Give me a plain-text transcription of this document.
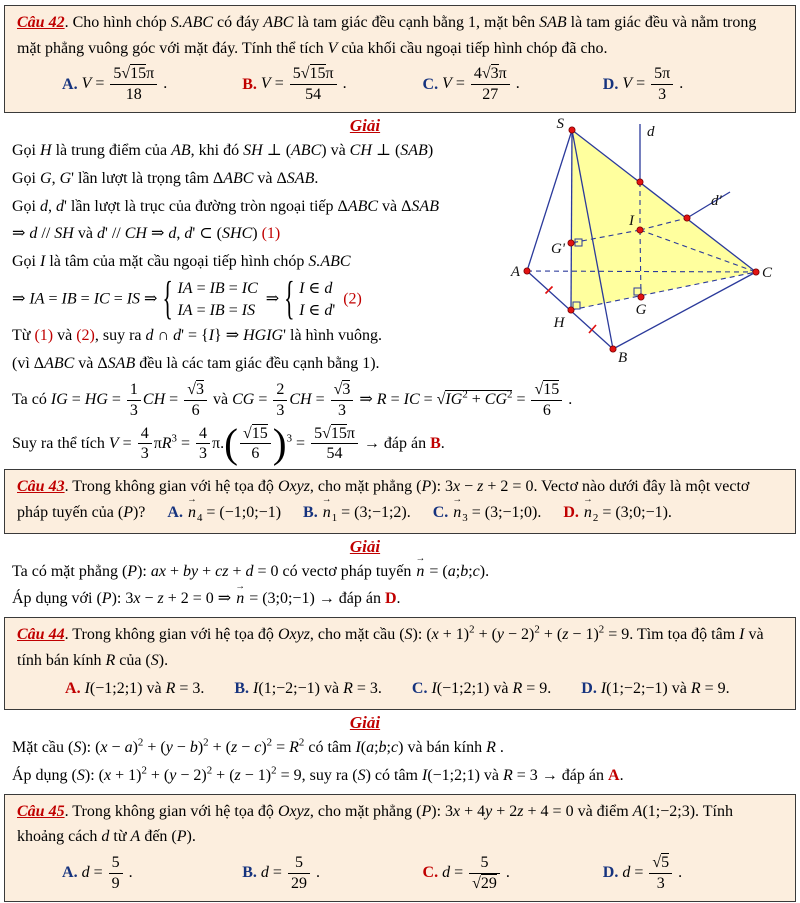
Câu 42. Cho hình chóp S.ABC có đáy ABC là tam giác đều cạnh bằng 1, mặt bên SAB là tam giác đều và nằm trong mặt phẳng vuông góc với mặt đáy. Tính thể tích V của khối cầu ngoại tiếp hình chóp đã cho.

A . $V = \frac{5√15\pi}{18}$ .	B . $V = \frac{5√15\pi}{54}$ .	C . $V = \frac{4√3\pi}{27}$ .	D . $V = \frac{5\pi}{3}$ .
Giải

Gọi H là trung điểm của AB, khi đó SH ⊥ (ABC) và CH ⊥ (SAB)

Gọi G, G' lần lượt là trọng tâm ΔABC và ΔSAB.

Gọi d, d' lần lượt là trục của đường tròn ngoại tiếp ΔABC và ΔSAB

⇒ d // SH và d' // CH ⇒ d, d' ⊂ (SHC) (1)

Gọi I là tâm của mặt cầu ngoại tiếp hình chóp S.ABC

⇒ IA = IB = IC = IS ⇒
{ IA = IB = IC
IA = IB = IS
⇒
{ I ∈ d
I ∈ d'
(2)

Từ (1) và (2), suy ra d ∩ d' = {I} ⇒ HGIG' là hình vuông.

(vì ΔABC và ΔSAB đều là các tam giác đều cạnh bằng 1).

Ta có IG = HG = $\frac{1}{3}$ CH = $\frac{√3}{6}$ và CG = $\frac{2}{3}$ CH = $\frac{√3}{3}$ ⇒ R = IC = $√IG^2 + CG^2 = \frac{√15}{6}$ .

Suy ra thể tích $V = \frac{4}{3} \pi R^3 = \frac{4}{3} \pi$. ( $\frac{√15}{6}$
) $^3 = \frac{5√15\pi}{54}$ → đáp án B.

S
A
B
C
H
G
G'
I
d
d'

Câu 43. Trong không gian với hệ tọa độ Oxyz, cho mặt phẳng (P): 3x − z + 2 = 0. Vectơ nào dưới đây là một vectơ pháp tuyến của (P)? A . → $n_4$ = (−1;0;−1) B . → $n_1$ = (3;−1;2). C . → $n_3$ = (3;−1;0). D . → $n_2$ = (3;0;−1).

Giải

Ta có mặt phẳng (P): ax + by + cz + d = 0 có vectơ pháp tuyến → n = (a;b;c).

Áp dụng với (P): 3x − z + 2 = 0 ⇒ → n = (3;0;−1) → đáp án D.

Câu 44. Trong không gian với hệ tọa độ Oxyz, cho mặt cầu (S): $(x + 1)^2 + (y - 2)^2 + (z - 1)^2 = 9$. Tìm tọa độ tâm I và tính bán kính R của (S).

A . I(−1;2;1) và R = 3. B . I(1;−2;−1) và R = 3. C . I(−1;2;1) và R = 9. D . I(1;−2;−1) và R = 9.
Giải

Mặt cầu (S): $(x - a)^2 + (y - b)^2 + (z - c)^2 = R^2$ có tâm I(a;b;c) và bán kính R .

Áp dụng (S): $(x + 1)^2 + (y - 2)^2 + (z - 1)^2 = 9$, suy ra (S) có tâm I(−1;2;1) và R = 3 → đáp án A.

Câu 45. Trong không gian với hệ tọa độ Oxyz, cho mặt phẳng (P): 3x + 4y + 2z + 4 = 0 và điểm A(1;−2;3). Tính khoảng cách d từ A đến (P).

A . $d = \frac{5}{9}$ .	B . $d = \frac{5}{29}$ .	C . $d = \frac{5}{√29}$ .	D . $d = \frac{√5}{3}$ .
